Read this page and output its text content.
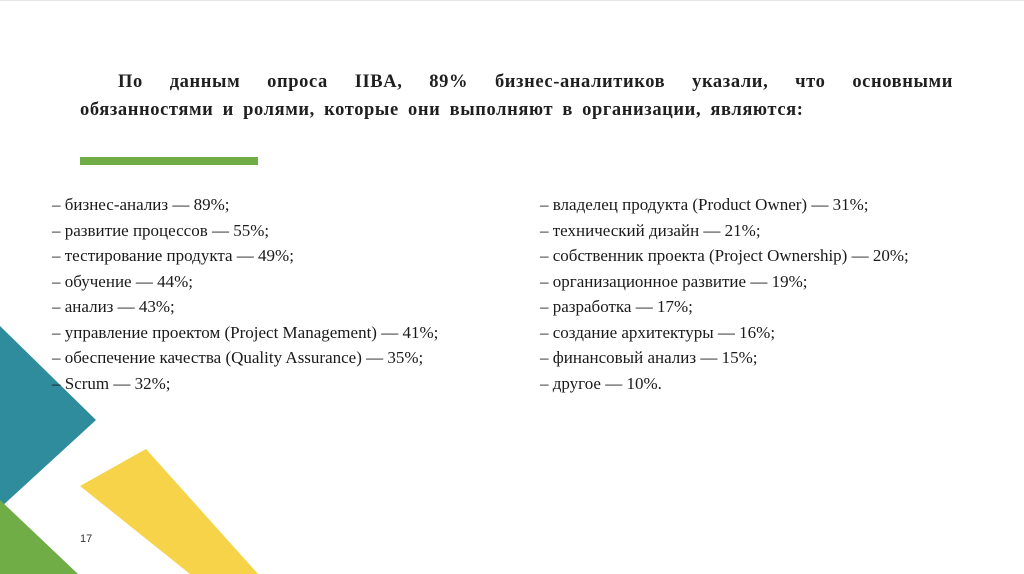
По данным опроса IIBA, 89% бизнес-аналитиков указали, что основными обязанностями и ролями, которые они выполняют в организации, являются:

– бизнес-анализ — 89%;

– развитие процессов — 55%;

– тестирование продукта — 49%;

– обучение — 44%;

– анализ — 43%;

– управление проектом (Project Management) — 41%;

– обеспечение качества (Quality Assurance) — 35%;

– Scrum — 32%;

– владелец продукта (Product Owner) — 31%;

– технический дизайн — 21%;

– собственник проекта (Project Ownership) — 20%;

– организационное развитие — 19%;

– разработка — 17%;

– создание архитектуры — 16%;

– финансовый анализ — 15%;

– другое — 10%.

17
